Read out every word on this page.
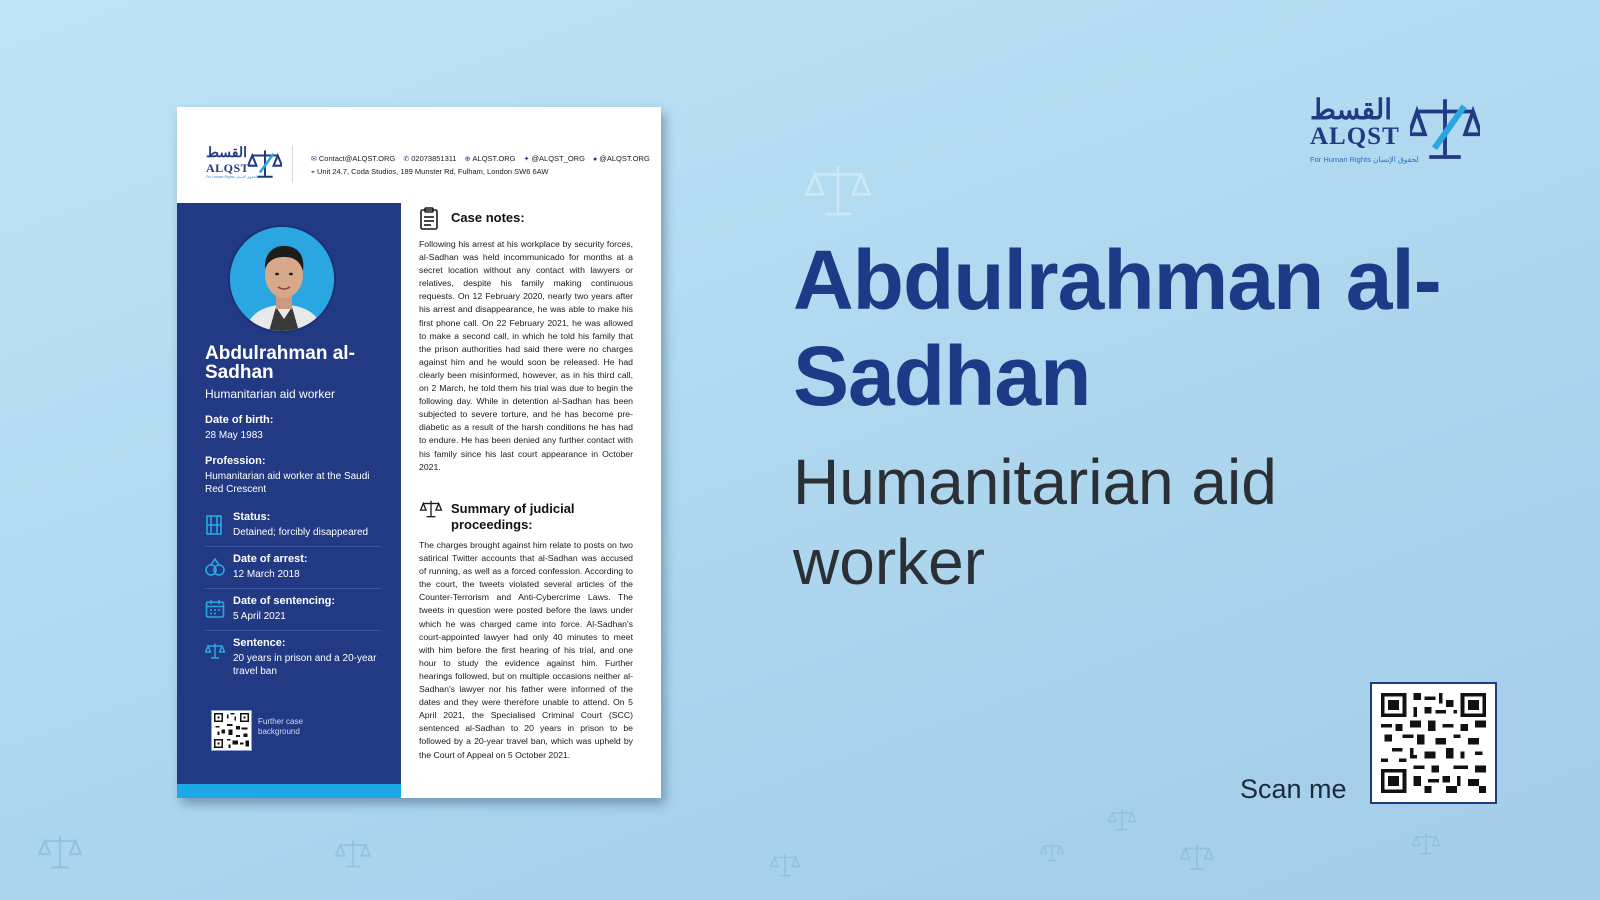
القسط
ALQST
For Human Rights لحقوق الإنسان
✉ Contact@ALQST.ORG ✆ 02073851311 ⊕ ALQST.ORG ✦ @ALQST_ORG ● @ALQST.ORG
⌖ Unit 24.7, Coda Studios, 189 Munster Rd, Fulham, London SW6 6AW
Abdulrahman al-Sadhan
Humanitarian aid worker
Date of birth:
28 May 1983
Profession:
Humanitarian aid worker at the Saudi Red Crescent
Status:
Detained; forcibly disappeared
Date of arrest:
12 March 2018
Date of sentencing:
5 April 2021
Sentence:
20 years in prison and a 20-year travel ban
Further case background
Case notes:
Following his arrest at his workplace by security forces, al-Sadhan was held incommunicado for months at a secret location without any contact with lawyers or relatives, despite his family making continuous requests. On 12 February 2020, nearly two years after his arrest and disappearance, he was able to make his first phone call. On 22 February 2021, he was allowed to make a second call, in which he told his family that the prison authorities had said there were no charges against him and he would soon be released. He had clearly been misinformed, however, as in his third call, on 2 March, he told them his trial was due to begin the following day. While in detention al-Sadhan has been subjected to severe torture, and he has become pre-diabetic as a result of the harsh conditions he has had to endure. He has been denied any further contact with his family since his last court appearance in October 2021.
Summary of judicial proceedings:
The charges brought against him relate to posts on two satirical Twitter accounts that al-Sadhan was accused of running, as well as a forced confession. According to the court, the tweets violated several articles of the Counter-Terrorism and Anti-Cybercrime Laws. The tweets in question were posted before the laws under which he was charged came into force. Al-Sadhan's court-appointed lawyer had only 40 minutes to meet with him before the first hearing of his trial, and one hour to study the evidence against him. Further hearings followed, but on multiple occasions neither al-Sadhan's lawyer nor his father were informed of the dates and they were therefore unable to attend. On 5 April 2021, the Specialised Criminal Court (SCC) sentenced al-Sadhan to 20 years in prison to be followed by a 20-year travel ban, which was upheld by the Court of Appeal on 5 October 2021.
القسط
ALQST
For Human Rights لحقوق الإنسان
Abdulrahman al-Sadhan
Humanitarian aid worker
Scan me
